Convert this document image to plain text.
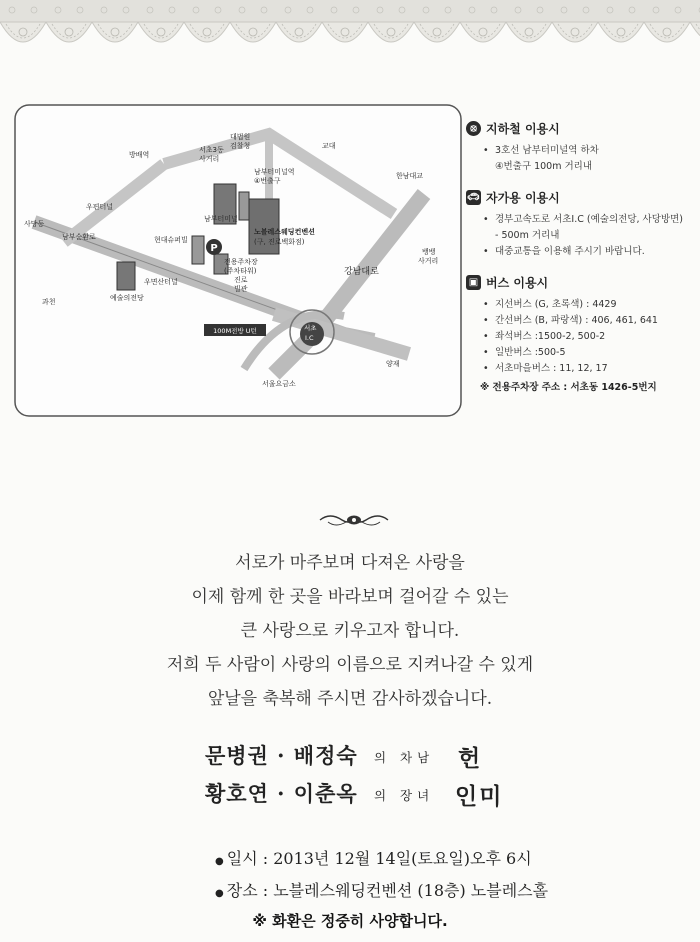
P
100M전방 U턴
방배역
서초3동
사거리
대법원
검찰청	교대
남부터미널역
④번출구
한남대교
사당동
우편터널
남부순환로
남부터미널
현대슈퍼빌
노블레스웨딩컨벤션
(구, 진로백화점)
전용주차장
(주차타워)
진로
빌관
우면산터널
강남대로
뱅뱅
사거리
과천	예술의전당
서초
I.C
양재
서울요금소
⦻ 지하철 이용시
• 3호선 남부터미널역 하차
④번출구 100m 거리내
🚗︎ 자가용 이용시
• 경부고속도로 서초I.C (예술의전당, 사당방면)
- 500m 거리내
• 대중교통을 이용해 주시기 바랍니다.
▣ 버스 이용시
• 지선버스 (G, 초록색) : 4429
• 간선버스 (B, 파랑색) : 406, 461, 641
• 좌석버스 :1500-2, 500-2
• 일반버스 :500-5
• 서초마을버스 : 11, 12, 17
※ 전용주차장 주소 : 서초동 1426-5번지
서로가 마주보며 다져온 사랑을
이제 함께 한 곳을 바라보며 걸어갈 수 있는
큰 사랑으로 키우고자 합니다.
저희 두 사람이 사랑의 이름으로 지켜나갈 수 있게
앞날을 축복해 주시면 감사하겠습니다.
문병권 · 배정숙 의 차남 헌
황호연 · 이춘옥 의 장녀 인미
● 일시 : 2013년 12월 14일(토요일)오후 6시
● 장소 : 노블레스웨딩컨벤션 (18층) 노블레스홀
※ 화환은 정중히 사양합니다.
